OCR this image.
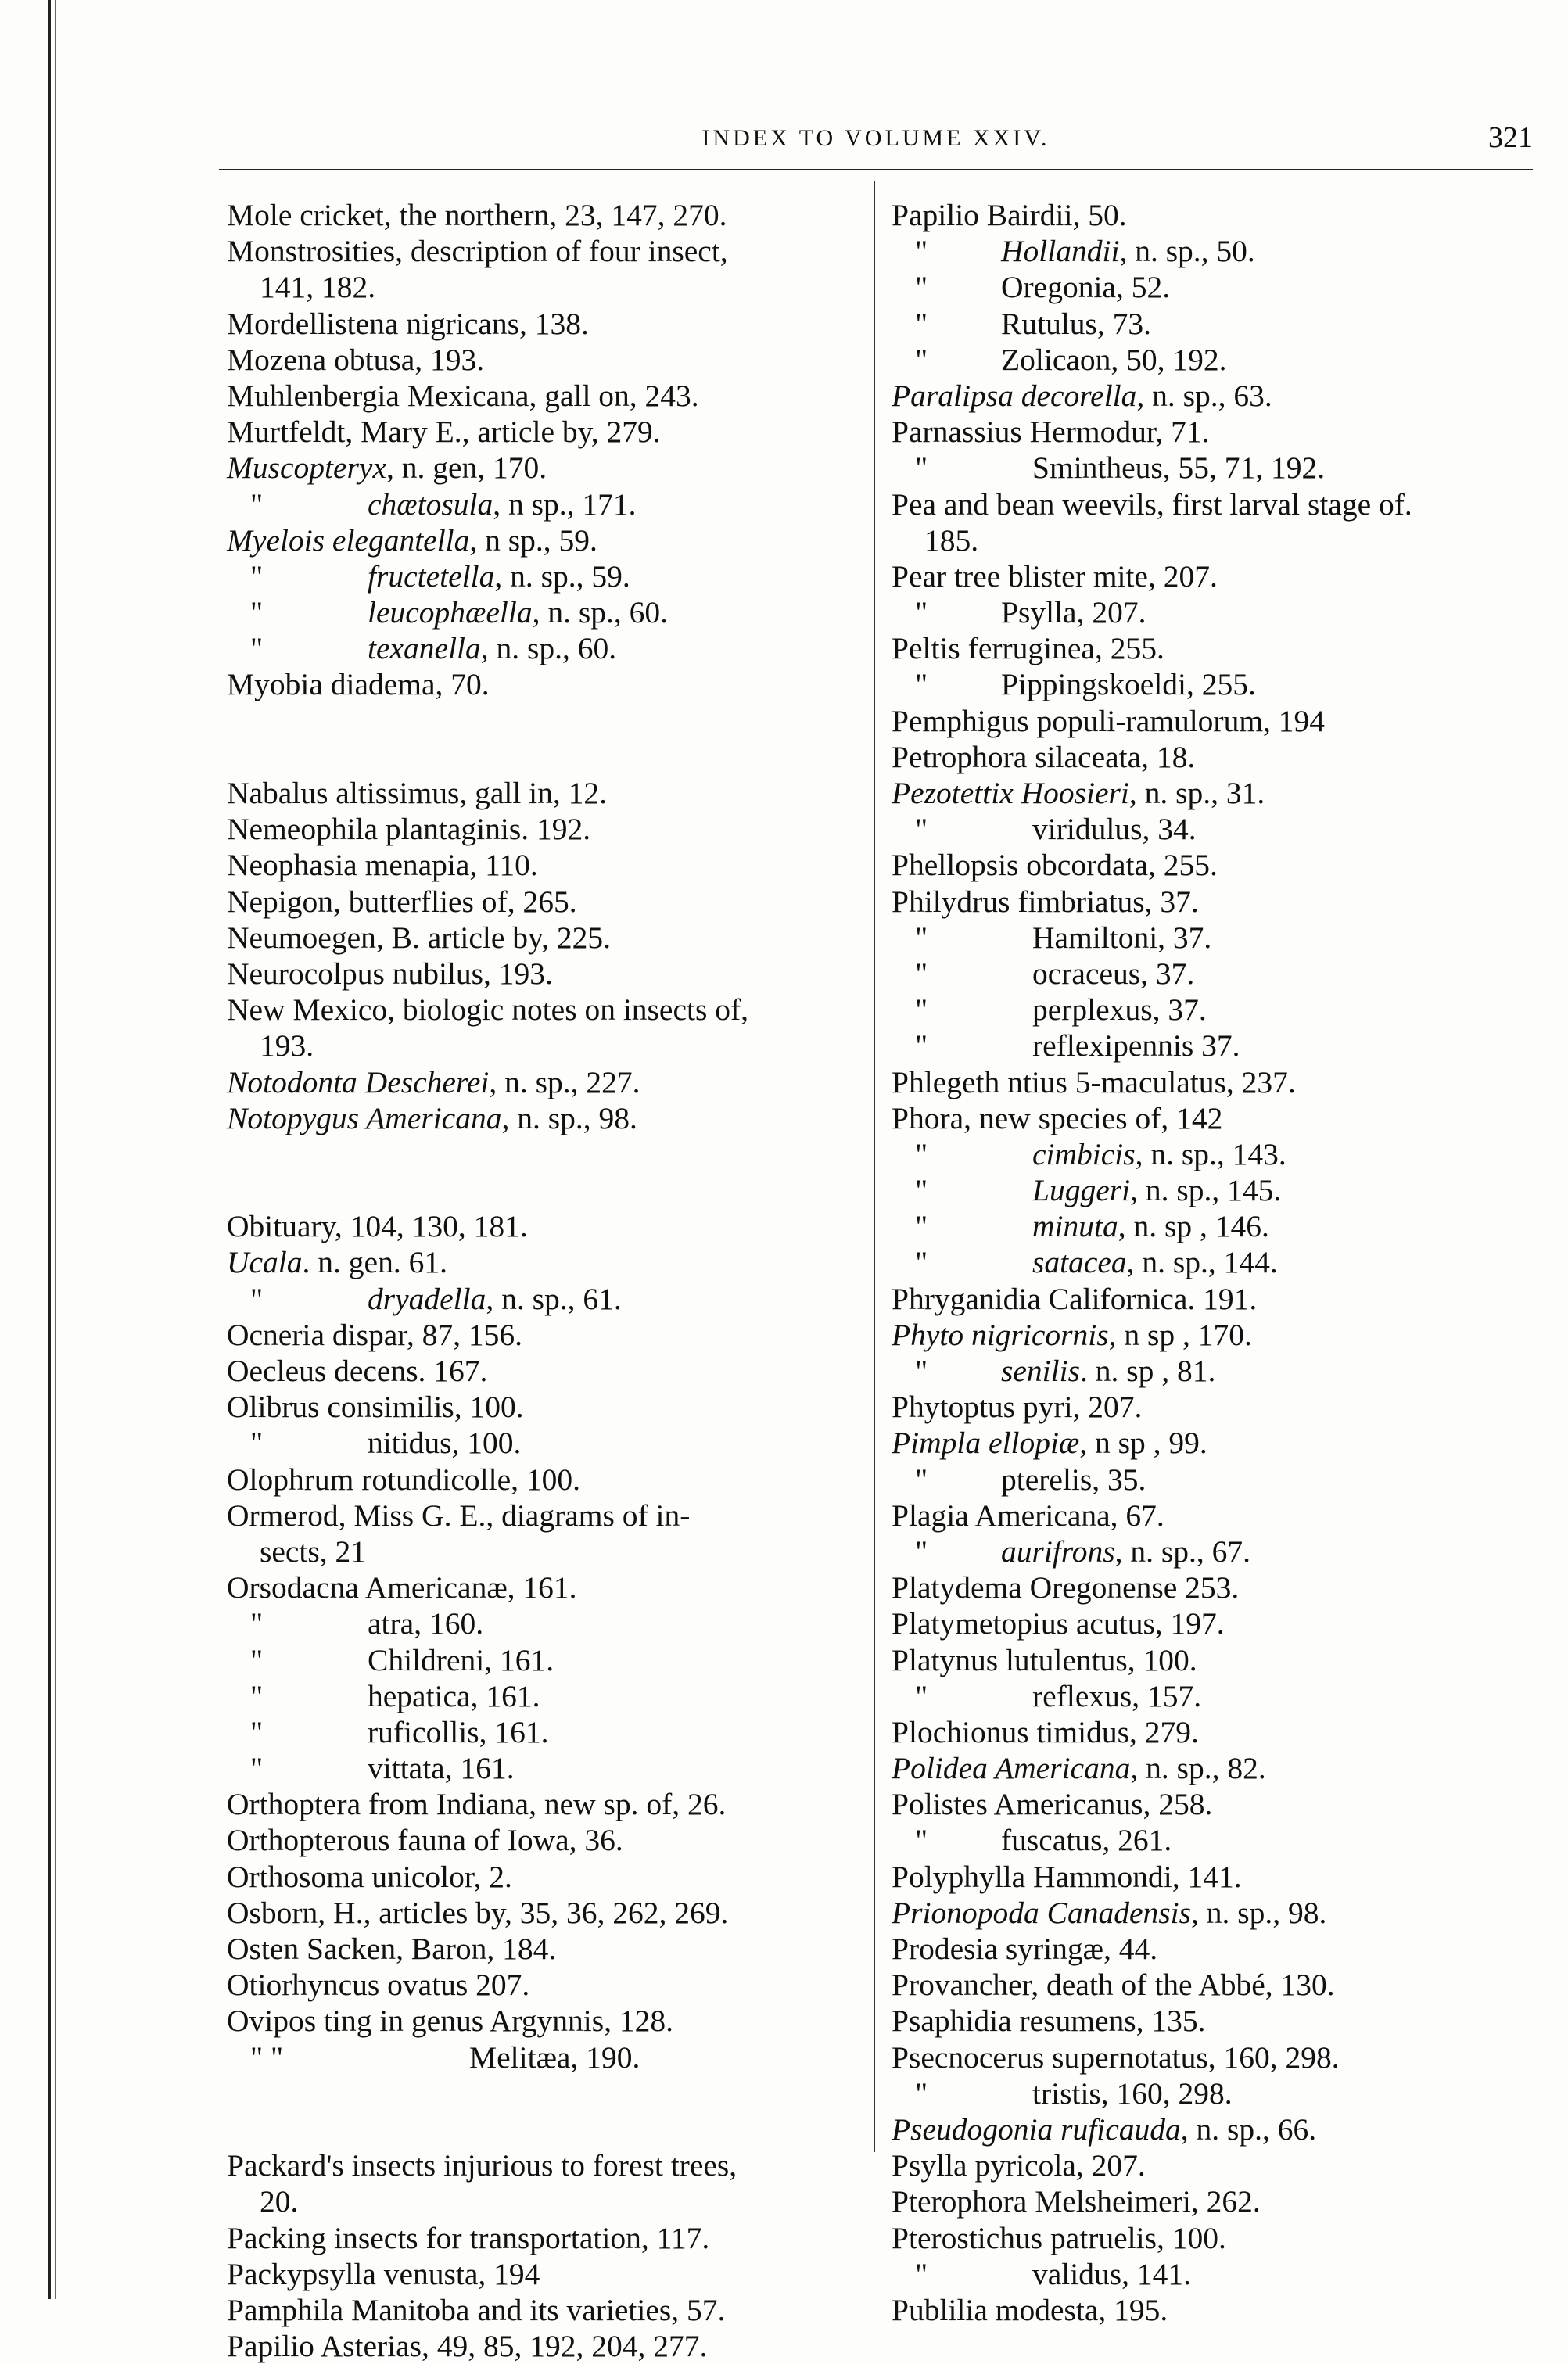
INDEX TO VOLUME XXIV.	321
Mole cricket, the northern, 23, 147, 270.
Monstrosities, description of four insect,
141, 182.
Mordellistena nigricans, 138.
Mozena obtusa, 193.
Muhlenbergia Mexicana, gall on, 243.
Murtfeldt, Mary E., article by, 279.
Muscopteryx, n. gen, 170.
"	chætosula, n sp., 171.
Myelois elegantella, n sp., 59.
"	fructetella, n. sp., 59.
"	leucophæella, n. sp., 60.
"	texanella, n. sp., 60.
Myobia diadema, 70.
Nabalus altissimus, gall in, 12.
Nemeophila plantaginis. 192.
Neophasia menapia, 110.
Nepigon, butterflies of, 265.
Neumoegen, B. article by, 225.
Neurocolpus nubilus, 193.
New Mexico, biologic notes on insects of,
193.
Notodonta Descherei, n. sp., 227.
Notopygus Americana, n. sp., 98.
Obituary, 104, 130, 181.
Ucala. n. gen. 61.
"	dryadella, n. sp., 61.
Ocneria dispar, 87, 156.
Oecleus decens. 167.
Olibrus consimilis, 100.
"	nitidus, 100.
Olophrum rotundicolle, 100.
Ormerod, Miss G. E., diagrams of in-
sects, 21
Orsodacna Americanæ, 161.
"	atra, 160.
"	Childreni, 161.
"	hepatica, 161.
"	ruficollis, 161.
"	vittata, 161.
Orthoptera from Indiana, new sp. of, 26.
Orthopterous fauna of Iowa, 36.
Orthosoma unicolor, 2.
Osborn, H., articles by, 35, 36, 262, 269.
Osten Sacken, Baron, 184.
Otiorhyncus ovatus 207.
Ovipos ting in genus Argynnis, 128.
" "	Melitæa, 190.
Packard's insects injurious to forest trees,
20.
Packing insects for transportation, 117.
Packypsylla venusta, 194
Pamphila Manitoba and its varieties, 57.
Papilio Asterias, 49, 85, 192, 204, 277.
Papilio Bairdii, 50.
" Hollandii, n. sp., 50.
" Oregonia, 52.
" Rutulus, 73.
" Zolicaon, 50, 192.
Paralipsa decorella, n. sp., 63.
Parnassius Hermodur, 71.
"	Smintheus, 55, 71, 192.
Pea and bean weevils, first larval stage of.
185.
Pear tree blister mite, 207.
" Psylla, 207.
Peltis ferruginea, 255.
" Pippingskoeldi, 255.
Pemphigus populi-ramulorum, 194
Petrophora silaceata, 18.
Pezotettix Hoosieri, n. sp., 31.
"	viridulus, 34.
Phellopsis obcordata, 255.
Philydrus fimbriatus, 37.
"	Hamiltoni, 37.
"	ocraceus, 37.
"	perplexus, 37.
"	reflexipennis 37.
Phlegeth ntius 5-maculatus, 237.
Phora, new species of, 142
"	cimbicis, n. sp., 143.
"	Luggeri, n. sp., 145.
"	minuta, n. sp , 146.
"	satacea, n. sp., 144.
Phryganidia Californica. 191.
Phyto nigricornis, n sp , 170.
" senilis. n. sp , 81.
Phytoptus pyri, 207.
Pimpla ellopiæ, n sp , 99.
" pterelis, 35.
Plagia Americana, 67.
" aurifrons, n. sp., 67.
Platydema Oregonense 253.
Platymetopius acutus, 197.
Platynus lutulentus, 100.
"	reflexus, 157.
Plochionus timidus, 279.
Polidea Americana, n. sp., 82.
Polistes Americanus, 258.
" fuscatus, 261.
Polyphylla Hammondi, 141.
Prionopoda Canadensis, n. sp., 98.
Prodesia syringæ, 44.
Provancher, death of the Abbé, 130.
Psaphidia resumens, 135.
Psecnocerus supernotatus, 160, 298.
"	tristis, 160, 298.
Pseudogonia ruficauda, n. sp., 66.
Psylla pyricola, 207.
Pterophora Melsheimeri, 262.
Pterostichus patruelis, 100.
"	validus, 141.
Publilia modesta, 195.
